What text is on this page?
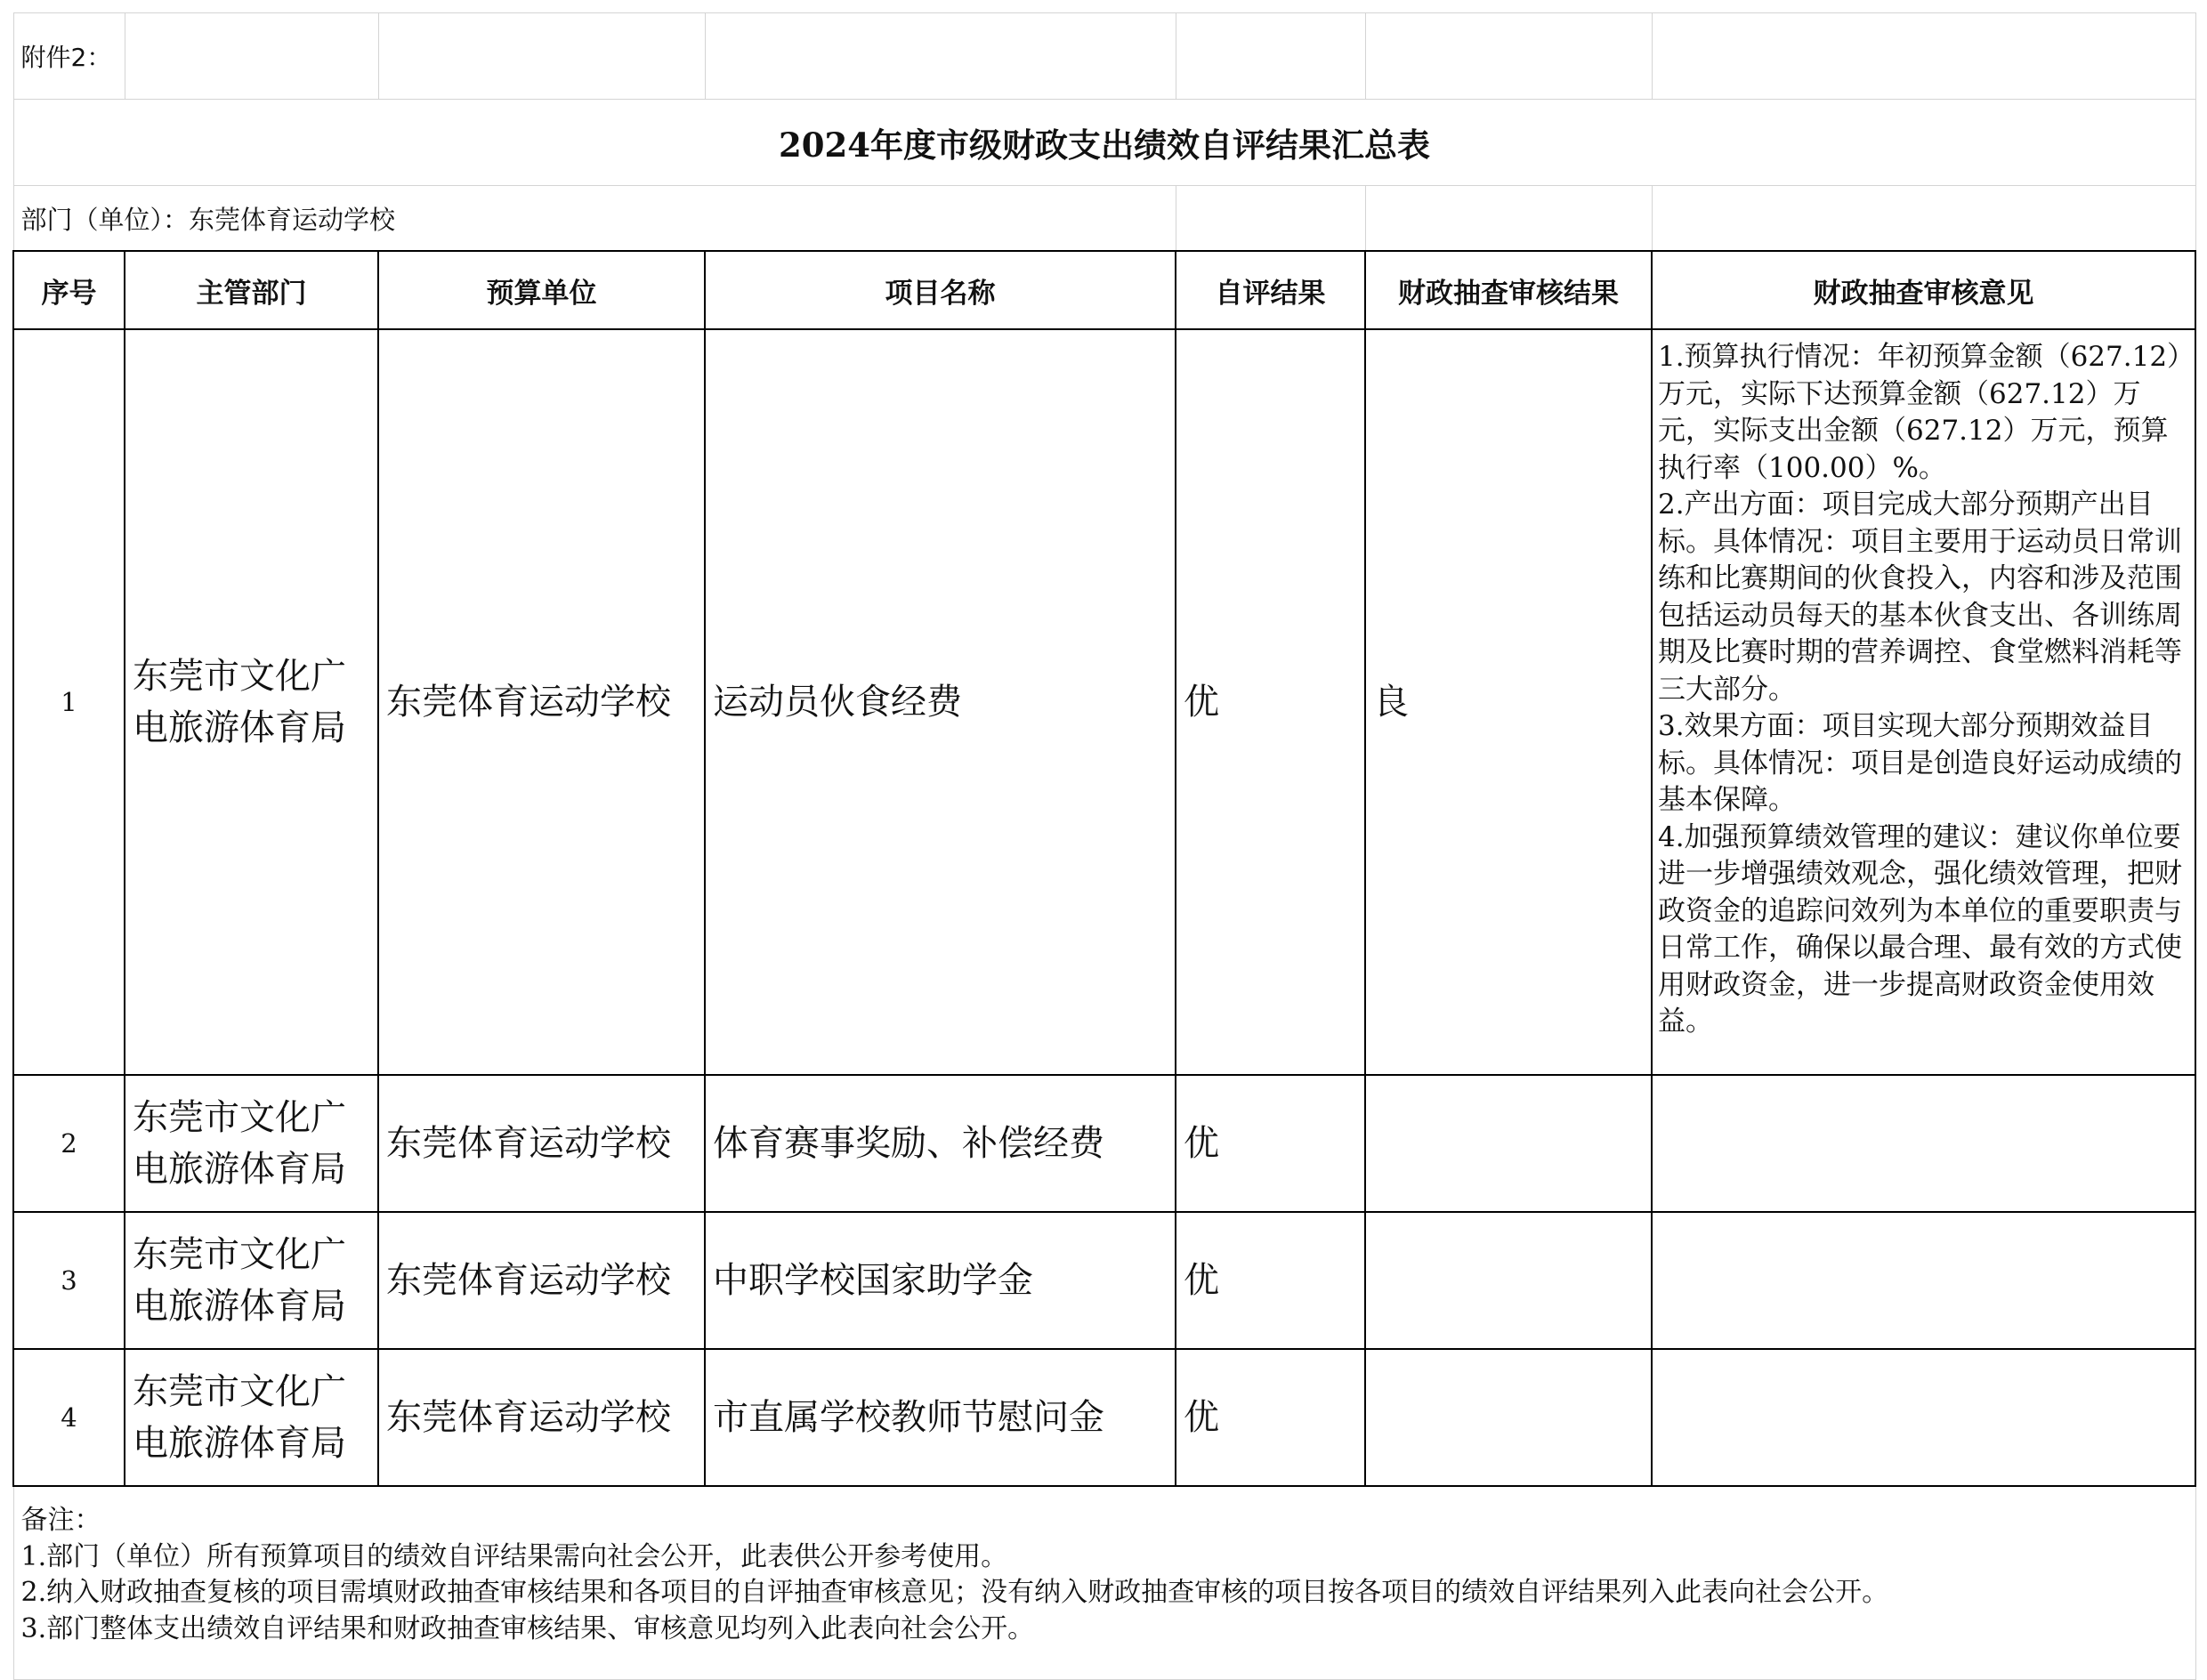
附件2：						
2024年度市级财政支出绩效自评结果汇总表						
部门（单位）：东莞体育运动学校						
序号	主管部门	预算单位	项目名称	自评结果	财政抽查审核结果	财政抽查审核意见
1	东莞市文化广电旅游体育局	东莞体育运动学校	运动员伙食经费	优	良	1.预算执行情况：年初预算金额（627.12）万元，实际下达预算金额（627.12）万元，实际支出金额（627.12）万元，预算执行率（100.00）%。
2.产出方面：项目完成大部分预期产出目标。具体情况：项目主要用于运动员日常训练和比赛期间的伙食投入，内容和涉及范围包括运动员每天的基本伙食支出、各训练周期及比赛时期的营养调控、食堂燃料消耗等三大部分。
3.效果方面：项目实现大部分预期效益目标。具体情况：项目是创造良好运动成绩的基本保障。
4.加强预算绩效管理的建议：建议你单位要进一步增强绩效观念，强化绩效管理，把财政资金的追踪问效列为本单位的重要职责与日常工作，确保以最合理、最有效的方式使用财政资金，进一步提高财政资金使用效益。

2	东莞市文化广电旅游体育局	东莞体育运动学校	体育赛事奖励、补偿经费	优		
3	东莞市文化广电旅游体育局	东莞体育运动学校	中职学校国家助学金	优		
4	东莞市文化广电旅游体育局	东莞体育运动学校	市直属学校教师节慰问金	优		

备注：
1.部门（单位）所有预算项目的绩效自评结果需向社会公开，此表供公开参考使用。
2.纳入财政抽查复核的项目需填财政抽查审核结果和各项目的自评抽查审核意见；没有纳入财政抽查审核的项目按各项目的绩效自评结果列入此表向社会公开。
3.部门整体支出绩效自评结果和财政抽查审核结果、审核意见均列入此表向社会公开。						
